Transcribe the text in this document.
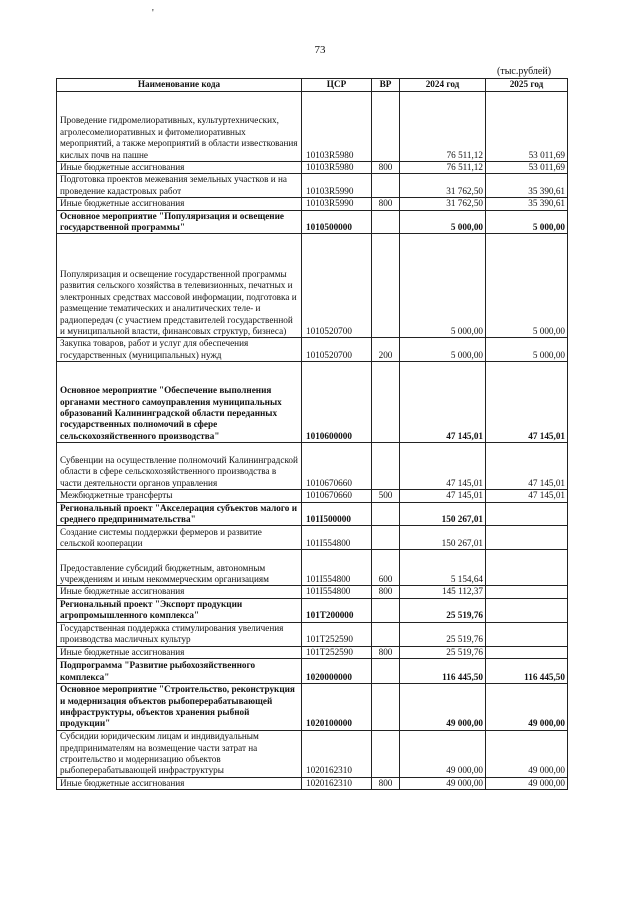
'
73
(тыс.рублей)
Наименование кода	ЦСР	ВР	2024 год	2025 год
Проведение гидромелиоративных, культуртехнических, агролесомелиоративных и фитомелиоративных мероприятий, а также мероприятий в области известкования кислых почв на пашне	10103R5980		76 511,12	53 011,69
Иные бюджетные ассигнования	10103R5980	800	76 511,12	53 011,69
Подготовка проектов межевания земельных участков и на проведение кадастровых работ	10103R5990		31 762,50	35 390,61
Иные бюджетные ассигнования	10103R5990	800	31 762,50	35 390,61
Основное мероприятие "Популяризация и освещение государственной программы"	1010500000		5 000,00	5 000,00
Популяризация и освещение государственной программы развития сельского хозяйства в телевизионных, печатных и электронных средствах массовой информации, подготовка и размещение тематических и аналитических теле- и радиопередач (с участием представителей государственной и муниципальной власти, финансовых структур, бизнеса)	1010520700		5 000,00	5 000,00
Закупка товаров, работ и услуг для обеспечения государственных (муниципальных) нужд	1010520700	200	5 000,00	5 000,00
Основное мероприятие "Обеспечение выполнения органами местного самоуправления муниципальных образований Калининградской области переданных государственных полномочий в сфере сельскохозяйственного производства"	1010600000		47 145,01	47 145,01
Субвенции на осуществление полномочий Калининградской области в сфере сельскохозяйственного производства в части деятельности органов управления	1010670660		47 145,01	47 145,01
Межбюджетные трансферты	1010670660	500	47 145,01	47 145,01
Региональный проект "Акселерация субъектов малого и среднего предпринимательства"	101I500000		150 267,01	
Создание системы поддержки фермеров и развитие сельской кооперации	101I554800		150 267,01	
Предоставление субсидий бюджетным, автономным учреждениям и иным некоммерческим организациям	101I554800	600	5 154,64	
Иные бюджетные ассигнования	101I554800	800	145 112,37	
Региональный проект "Экспорт продукции агропромышленного комплекса"	101T200000		25 519,76	
Государственная поддержка стимулирования увеличения производства масличных культур	101T252590		25 519,76	
Иные бюджетные ассигнования	101T252590	800	25 519,76	
Подпрограмма "Развитие рыбохозяйственного комплекса"	1020000000		116 445,50	116 445,50
Основное мероприятие "Строительство, реконструкция и модернизация объектов рыбоперерабатывающей инфраструктуры, объектов хранения рыбной продукции"	1020100000		49 000,00	49 000,00
Субсидии юридическим лицам и индивидуальным предпринимателям на возмещение части затрат на строительство и модернизацию объектов рыбоперерабатывающей инфраструктуры	1020162310		49 000,00	49 000,00
Иные бюджетные ассигнования	1020162310	800	49 000,00	49 000,00
